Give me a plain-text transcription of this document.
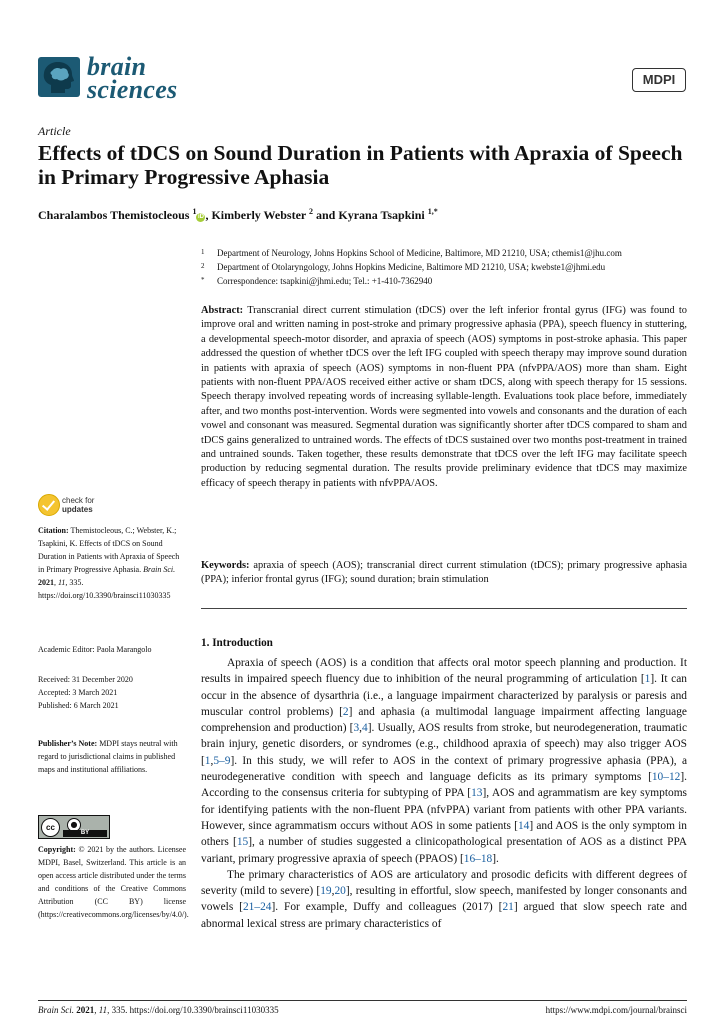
brain
sciences	MDPI
Article
Effects of tDCS on Sound Duration in Patients with Apraxia of Speech in Primary Progressive Aphasia
Charalambos Themistocleous $^1$iD , Kimberly Webster $^2$ and Kyrana Tsapkini $^{1,*}$
1 Department of Neurology, Johns Hopkins School of Medicine, Baltimore, MD 21210, USA; cthemis1@jhu.com
2 Department of Otolaryngology, Johns Hopkins Medicine, Baltimore MD 21210, USA; kwebste1@jhmi.edu
* Correspondence: tsapkini@jhmi.edu; Tel.: +1-410-7362940
Abstract: Transcranial direct current stimulation (tDCS) over the left inferior frontal gyrus (IFG) was found to improve oral and written naming in post-stroke and primary progressive aphasia (PPA), speech fluency in stuttering, a developmental speech-motor disorder, and apraxia of speech (AOS) symptoms in post-stroke aphasia. This paper addressed the question of whether tDCS over the left IFG coupled with speech therapy may improve sound duration in patients with apraxia of speech (AOS) symptoms in non-fluent PPA (nfvPPA/AOS) more than sham. Eight patients with non-fluent PPA/AOS received either active or sham tDCS, along with speech therapy for 15 sessions. Speech therapy involved repeating words of increasing syllable-length. Evaluations took place before, immediately after, and two months post-intervention. Words were segmented into vowels and consonants and the duration of each vowel and consonant was measured. Segmental duration was significantly shorter after tDCS compared to sham and tDCS gains generalized to untrained words. The effects of tDCS sustained over two months post-treatment in trained and untrained sounds. Taken together, these results demonstrate that tDCS over the left IFG may facilitate speech production by reducing segmental duration. The results provide preliminary evidence that tDCS may maximize efficacy of speech therapy in patients with nfvPPA/AOS.
Keywords: apraxia of speech (AOS); transcranial direct current stimulation (tDCS); primary progressive aphasia (PPA); inferior frontal gyrus (IFG); sound duration; brain stimulation
1. Introduction

Apraxia of speech (AOS) is a condition that affects oral motor speech planning and production. It results in impaired speech fluency due to inhibition of the neural programming of articulation [1]. It can occur in the absence of dysarthria (i.e., a language impairment characterized by paralysis or paresis and muscular control problems) [2] and aphasia (a multimodal language impairment affecting language comprehension and production) [3,4]. Usually, AOS results from stroke, but neurodegeneration, traumatic brain injury, genetic disorders, or syndromes (e.g., childhood apraxia of speech) may also trigger AOS [1,5–9]. In this study, we will refer to AOS in the context of primary progressive aphasia (PPA), a neurodegenerative condition with speech and language deficits as its primary symptoms [10–12]. According to the consensus criteria for subtyping of PPA [13], AOS and agrammatism are key symptoms for identifying patients with the non-fluent PPA (nfvPPA) variant from patients with other PPA variants. However, since agrammatism occurs without AOS in some patients [14] and AOS is the only symptom in others [15], a number of studies suggested a clinicopathological presentation of AOS as a distinct PPA variant, primary progressive apraxia of speech (PPAOS) [16–18].

The primary characteristics of AOS are articulatory and prosodic deficits with different degrees of severity (mild to severe) [19,20], resulting in effortful, slow speech, manifested by longer consonants and vowels [21–24]. For example, Duffy and colleagues (2017) [21] argued that slow speech rate and abnormal lexical stress are primary characteristics of

check for
updates
Citation: Themistocleous, C.; Webster, K.; Tsapkini, K. Effects of tDCS on Sound Duration in Patients with Apraxia of Speech in Primary Progressive Aphasia. Brain Sci. 2021, 11, 335. https://doi.org/10.3390/brainsci11030335
Academic Editor: Paola Marangolo
Received: 31 December 2020
Accepted: 3 March 2021
Published: 6 March 2021
Publisher’s Note: MDPI stays neutral with regard to jurisdictional claims in published maps and institutional affiliations.
cc	●
BY
Copyright: © 2021 by the authors. Licensee MDPI, Basel, Switzerland. This article is an open access article distributed under the terms and conditions of the Creative Commons Attribution (CC BY) license (https://creativecommons.org/licenses/by/4.0/).
Brain Sci. 2021, 11, 335. https://doi.org/10.3390/brainsci11030335	https://www.mdpi.com/journal/brainsci
